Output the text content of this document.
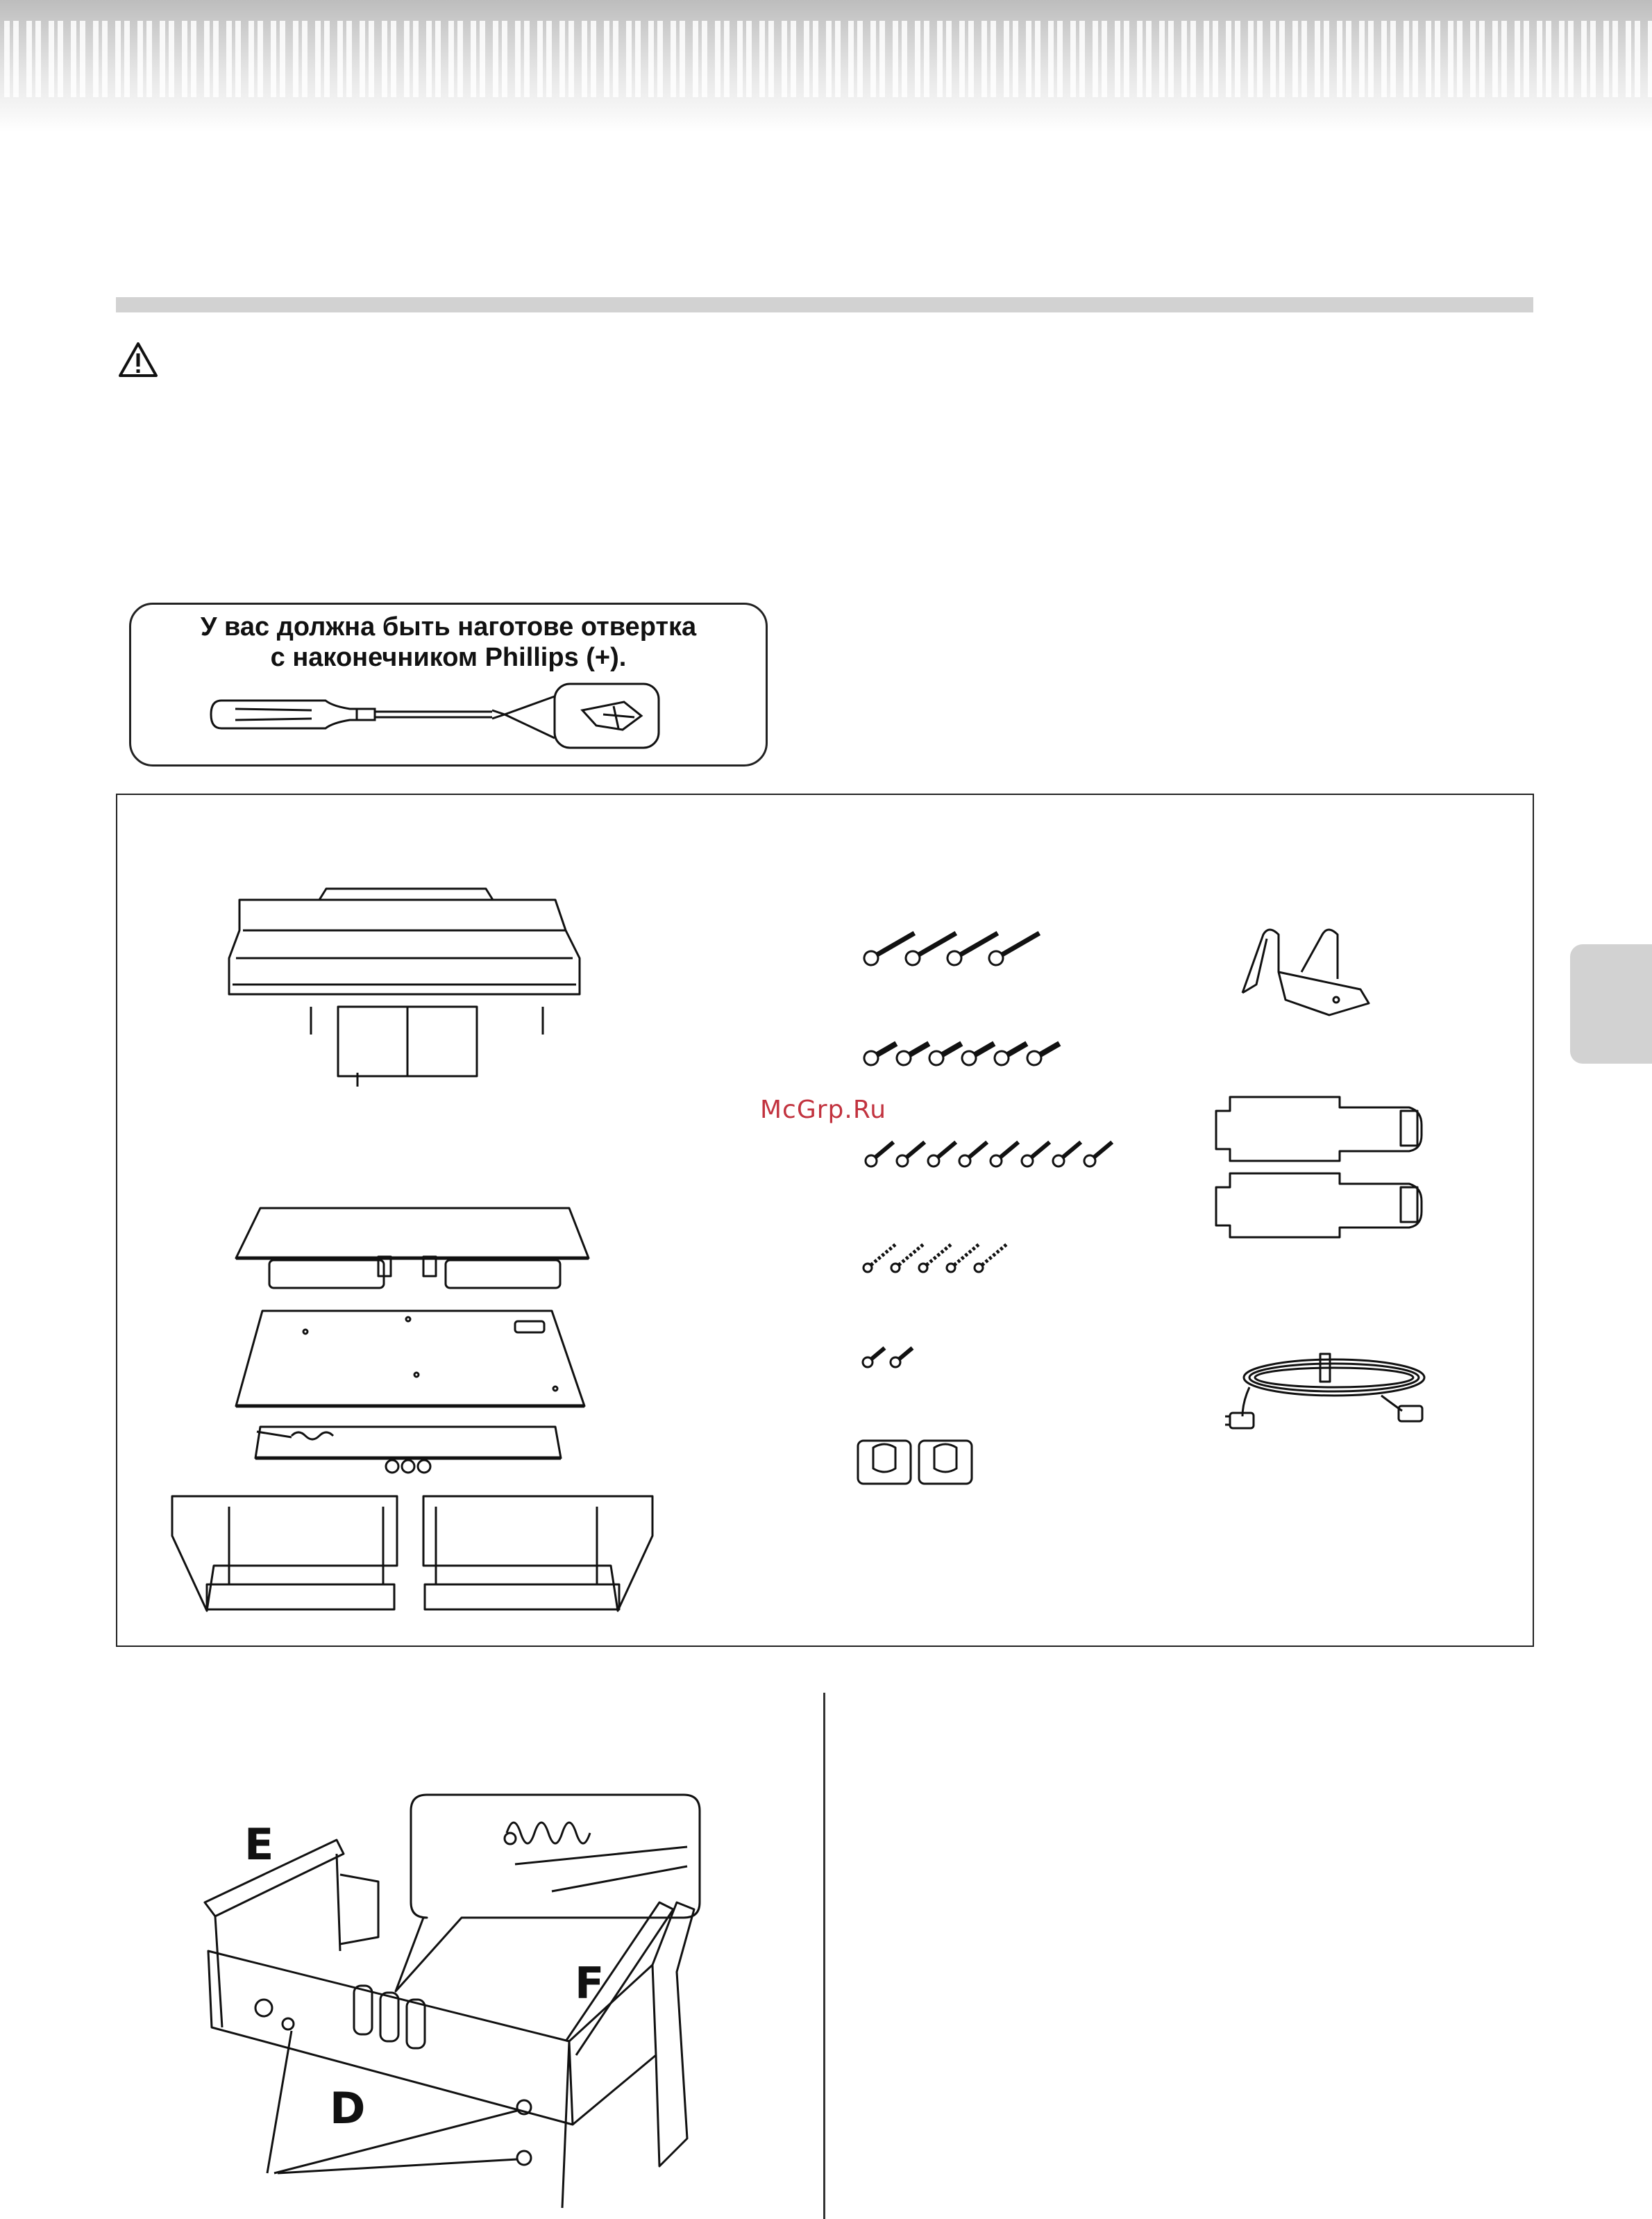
У вас должна быть наготове отвертка
с наконечником Phillips (+).
E
F
D
McGrp.Ru
